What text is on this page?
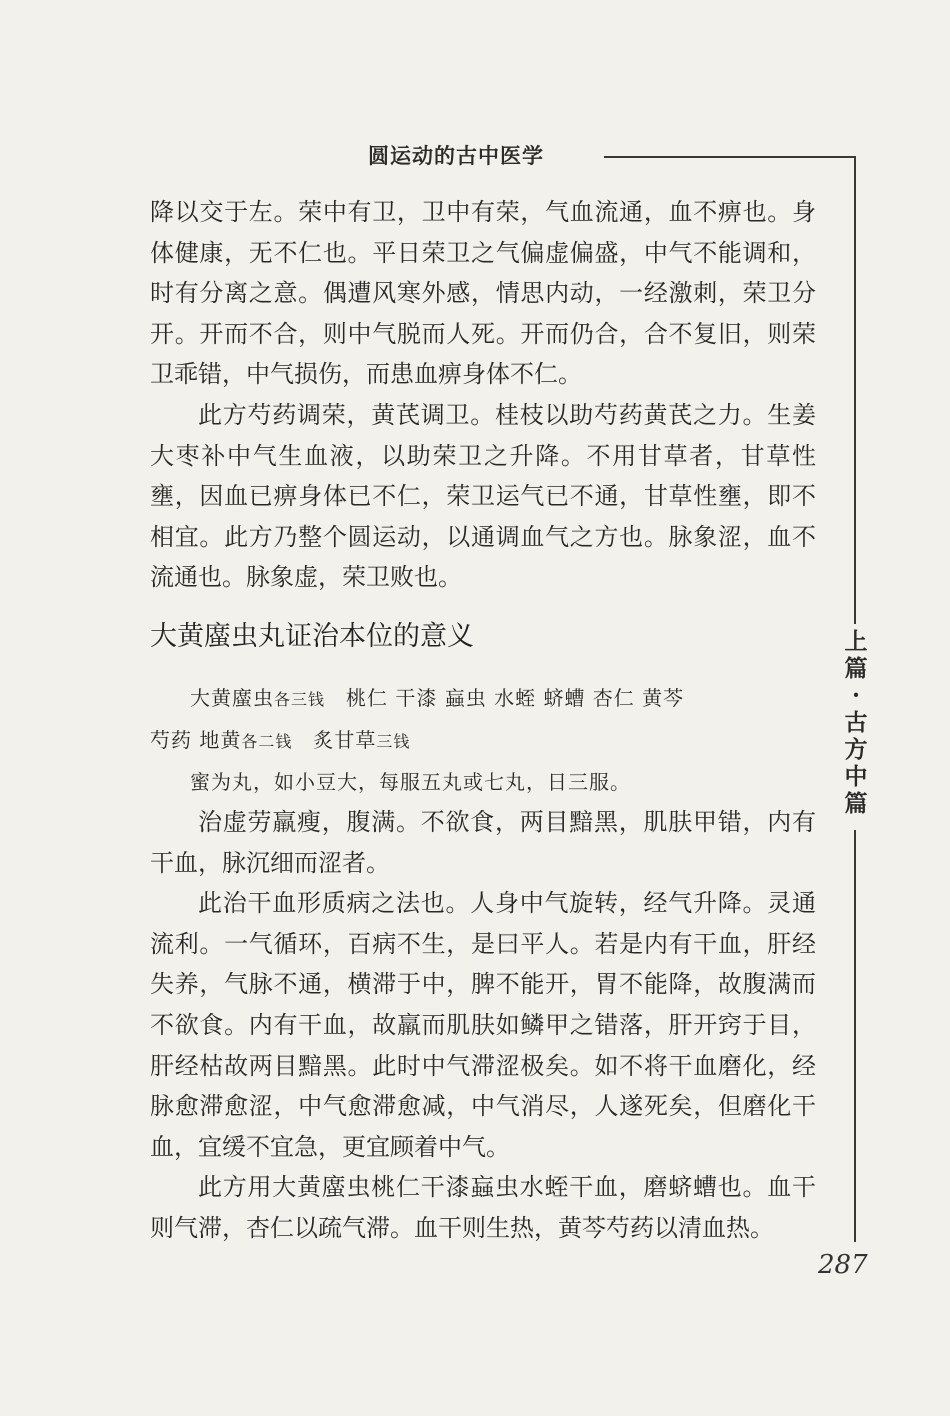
圆运动的古中医学
上
篇
·
古
方
中
篇

降以交于左。荣中有卫，卫中有荣，气血流通，血不痹也。身体健康，无不仁也。平日荣卫之气偏虚偏盛，中气不能调和，时有分离之意。偶遭风寒外感，情思内动，一经激刺，荣卫分开。开而不合，则中气脱而人死。开而仍合，合不复旧，则荣卫乖错，中气损伤，而患血痹身体不仁。

此方芍药调荣，黄芪调卫。桂枝以助芍药黄芪之力。生姜大枣补中气生血液，以助荣卫之升降。不用甘草者，甘草性壅，因血已痹身体已不仁，荣卫运气已不通，甘草性壅，即不相宜。此方乃整个圆运动，以通调血气之方也。脉象涩，血不流通也。脉象虚，荣卫败也。

大黄䗪虫丸证治本位的意义

大黄䗪虫各三钱　桃仁 干漆 蝱虫 水蛭 蛴螬 杏仁 黄芩

芍药 地黄各二钱　炙甘草三钱

蜜为丸，如小豆大，每服五丸或七丸，日三服。

治虚劳羸瘦，腹满。不欲食，两目黯黑，肌肤甲错，内有干血，脉沉细而涩者。

此治干血形质病之法也。人身中气旋转，经气升降。灵通流利。一气循环，百病不生，是曰平人。若是内有干血，肝经失养，气脉不通，横滞于中，脾不能开，胃不能降，故腹满而不欲食。内有干血，故羸而肌肤如鳞甲之错落，肝开窍于目，肝经枯故两目黯黑。此时中气滞涩极矣。如不将干血磨化，经脉愈滞愈涩，中气愈滞愈减，中气消尽，人遂死矣，但磨化干血，宜缓不宜急，更宜顾着中气。

此方用大黄䗪虫桃仁干漆蝱虫水蛭干血，磨蛴螬也。血干则气滞，杏仁以疏气滞。血干则生热，黄芩芍药以清血热。

287
